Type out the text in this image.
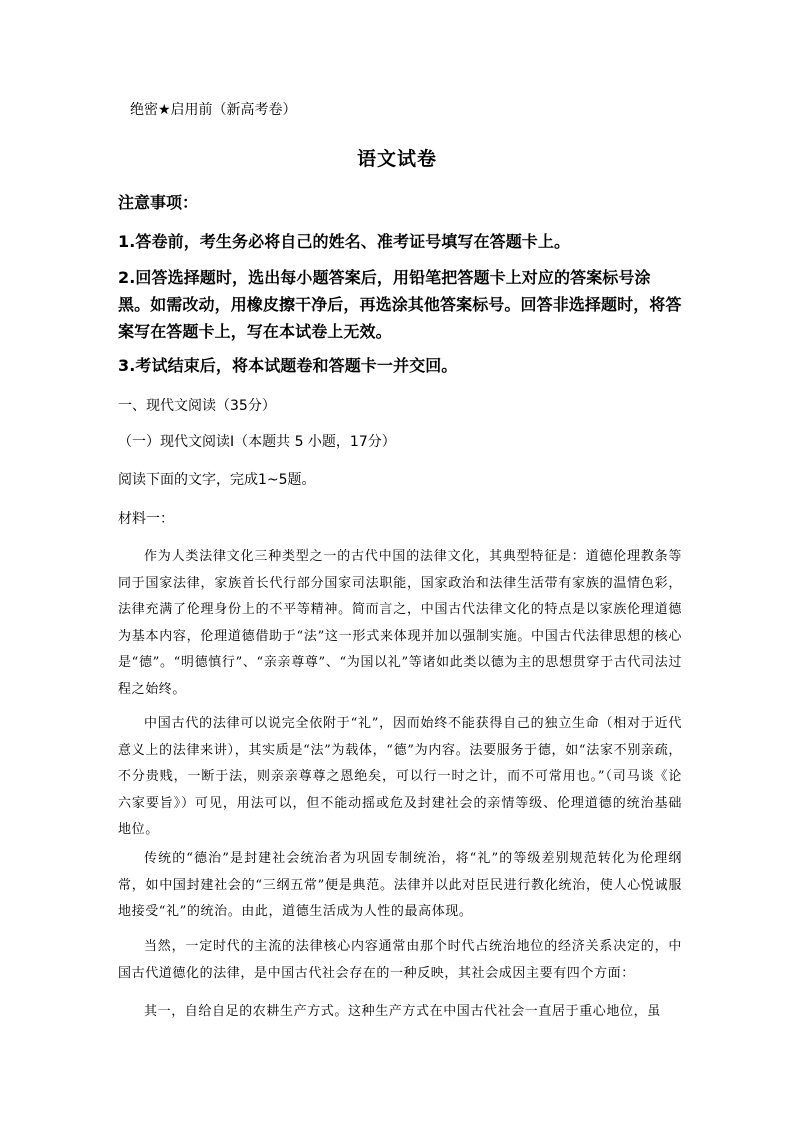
绝密★启用前（新高考卷）
语文试卷
注意事项：
1.答卷前，考生务必将自己的姓名、准考证号填写在答题卡上。
2.回答选择题时，选出每小题答案后，用铅笔把答题卡上对应的答案标号涂黑。如需改动，用橡皮擦干净后，再选涂其他答案标号。回答非选择题时，将答案写在答题卡上，写在本试卷上无效。
3.考试结束后，将本试题卷和答题卡一并交回。
一、现代文阅读（35分）
（一）现代文阅读Ⅰ（本题共 5 小题，17分）
阅读下面的文字，完成1~5题。
材料一：
作为人类法律文化三种类型之一的古代中国的法律文化，其典型特征是：道德伦理教条等同于国家法律，家族首长代行部分国家司法职能，国家政治和法律生活带有家族的温情色彩，法律充满了伦理身份上的不平等精神。简而言之，中国古代法律文化的特点是以家族伦理道德为基本内容，伦理道德借助于“法”这一形式来体现并加以强制实施。中国古代法律思想的核心是“德”。“明德慎行”、“亲亲尊尊”、“为国以礼”等诸如此类以德为主的思想贯穿于古代司法过程之始终。
中国古代的法律可以说完全依附于“礼”，因而始终不能获得自己的独立生命（相对于近代意义上的法律来讲），其实质是“法”为载体，“德”为内容。法要服务于德，如“法家不别亲疏，不分贵贱，一断于法，则亲亲尊尊之恩绝矣，可以行一时之计，而不可常用也。”（司马谈《论六家要旨》）可见，用法可以，但不能动摇或危及封建社会的亲情等级、伦理道德的统治基础地位。
传统的“德治”是封建社会统治者为巩固专制统治，将“礼”的等级差别规范转化为伦理纲常，如中国封建社会的“三纲五常”便是典范。法律并以此对臣民进行教化统治，使人心悦诚服地接受“礼”的统治。由此，道德生活成为人性的最高体现。
当然，一定时代的主流的法律核心内容通常由那个时代占统治地位的经济关系决定的，中国古代道德化的法律，是中国古代社会存在的一种反映，其社会成因主要有四个方面：
其一，自给自足的农耕生产方式。这种生产方式在中国古代社会一直居于重心地位，虽
